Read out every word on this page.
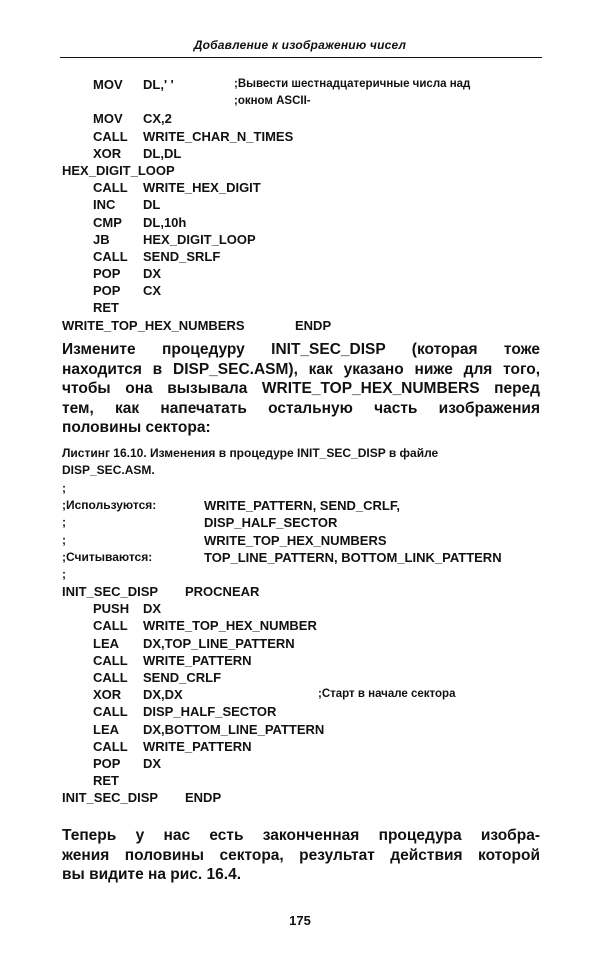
Добавление к изображению чисел
MOV DL,' '	;Вывести шестнадцатеричные числа над
;окном ASCII-
MOV CX,2
CALL WRITE_CHAR_N_TIMES
XOR DL,DL
HEX_DIGIT_LOOP
CALL WRITE_HEX_DIGIT
INC DL
CMP DL,10h
JB	HEX_DIGIT_LOOP
CALL SEND_SRLF
POP DX
POP CX
RET
WRITE_TOP_HEX_NUMBERS	ENDP
Измените процедуру INIT_SEC_DISP (которая тоже
находится в DISP_SEC.ASM), как указано ниже для того,
чтобы она вызывала WRITE_TOP_HEX_NUMBERS перед
тем, как напечатать остальную часть изображения
половины сектора:
Листинг 16.10. Изменения в процедуре INIT_SEC_DISP в файле
DISP_SEC.ASM.
;
;Используются:	WRITE_PATTERN, SEND_CRLF,
;	DISP_HALF_SECTOR
;	WRITE_TOP_HEX_NUMBERS
;Считываются:	TOP_LINE_PATTERN, BOTTOM_LINK_PATTERN
;
INIT_SEC_DISP PROCNEAR
PUSH DX
CALL WRITE_TOP_HEX_NUMBER
LEA DX,TOP_LINE_PATTERN
CALL WRITE_PATTERN
CALL SEND_CRLF
XOR DX,DX	;Старт в начале сектора
CALL DISP_HALF_SECTOR
LEA DX,BOTTOM_LINE_PATTERN
CALL WRITE_PATTERN
POP DX
RET
INIT_SEC_DISP ENDP
Теперь у нас есть законченная процедура изобра-
жения половины сектора, результат действия которой
вы видите на рис. 16.4.
175
